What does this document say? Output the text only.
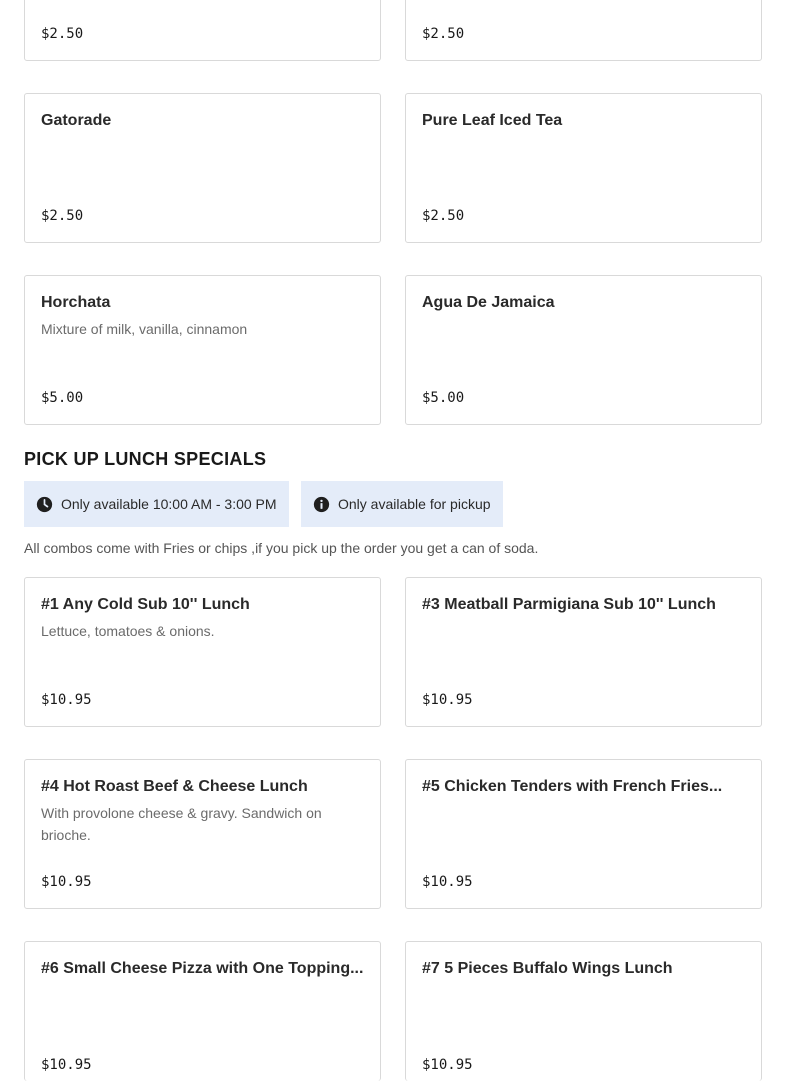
$2.50	$2.50
Gatorade
$2.50
Pure Leaf Iced Tea
$2.50
Horchata
Mixture of milk, vanilla, cinnamon
$5.00
Agua De Jamaica
$5.00
PICK UP LUNCH SPECIALS
Only available 10:00 AM - 3:00 PM	Only available for pickup
All combos come with Fries or chips ,if you pick up the order you get a can of soda.
#1 Any Cold Sub 10'' Lunch
Lettuce, tomatoes & onions.
$10.95
#3 Meatball Parmigiana Sub 10'' Lunch
$10.95
#4 Hot Roast Beef & Cheese Lunch
With provolone cheese & gravy. Sandwich on brioche.
$10.95
#5 Chicken Tenders with French Fries...
$10.95
#6 Small Cheese Pizza with One Topping...
$10.95
#7 5 Pieces Buffalo Wings Lunch
$10.95
